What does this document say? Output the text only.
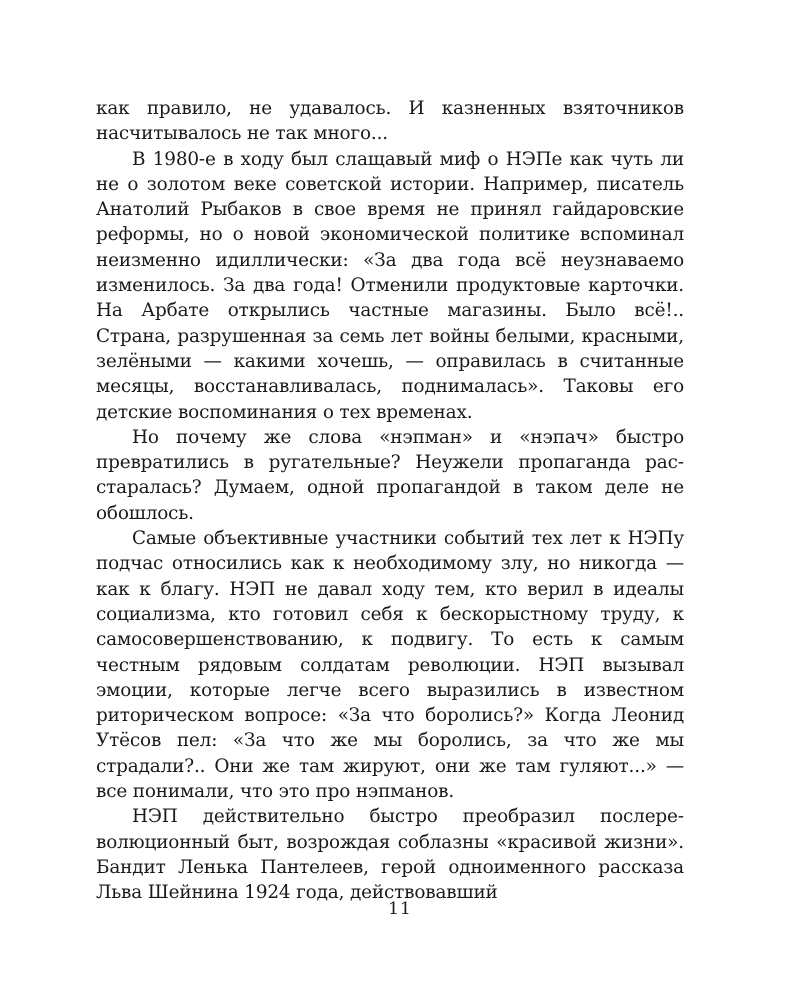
как правило, не удавалось. И казненных взяточников насчитывалось не так много...

В 1980-е в ходу был слащавый миф о НЭПе как чуть ли не о золотом веке советской истории. Например, писатель Анатолий Рыбаков в свое время не принял гайдаровские реформы, но о новой экономической политике вспоминал неизменно идиллически: «За два года всё неузнаваемо изменилось. За два года! Отменили продуктовые карточки. На Арбате открылись частные магазины. Было всё!.. Страна, разрушенная за семь лет войны белыми, красными, зелёными — какими хочешь, — оправилась в считанные месяцы, восстанавливалась, поднималась». Таковы его детские воспоминания о тех временах.

Но почему же слова «нэпман» и «нэпач» быстро превратились в ругательные? Неужели пропаганда расстаралась? Думаем, одной пропагандой в таком деле не обошлось.

Самые объективные участники событий тех лет к НЭПу подчас относились как к необходимому злу, но никогда — как к благу. НЭП не давал ходу тем, кто верил в идеалы социализма, кто готовил себя к бескорыстному труду, к самосовершенствованию, к подвигу. То есть к самым честным рядовым солдатам революции. НЭП вызывал эмоции, которые легче всего выразились в известном риторическом вопросе: «За что боролись?» Когда Леонид Утёсов пел: «За что же мы боролись, за что же мы страдали?.. Они же там жируют, они же там гуляют...» — все понимали, что это про нэпманов.

НЭП действительно быстро преобразил послереволюционный быт, возрождая соблазны «красивой жизни». Бандит Ленька Пантелеев, герой одноименного рассказа Льва Шейнина 1924 года, действовавший

11
